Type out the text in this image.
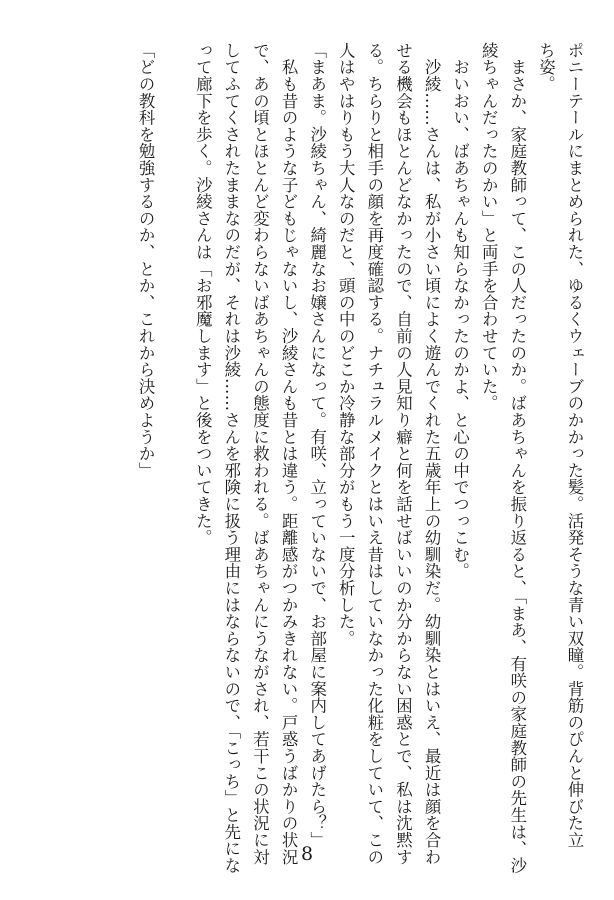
ポニーテールにまとめられた、ゆるくウェーブのかかった髪。活発そうな青い双瞳。背筋のぴんと伸びた立
ち姿。
　まさか、家庭教師って、この人だったのか。ばあちゃんを振り返ると、「まあ、有咲の家庭教師の先生は、沙
綾ちゃんだったのかい」と両手を合わせていた。
　おいおい、ばあちゃんも知らなかったのかよ、と心の中でつっこむ。
　沙綾……さんは、私が小さい頃によく遊んでくれた五歳年上の幼馴染だ。幼馴染とはいえ、最近は顔を合わ
せる機会もほとんどなかったので、自前の人見知り癖と何を話せばいいのか分からない困惑とで、私は沈黙す
る。ちらりと相手の顔を再度確認する。ナチュラルメイクとはいえ昔はしていなかった化粧をしていて、この
人はやはりもう大人なのだと、頭の中のどこか冷静な部分がもう一度分析した。
「まあま。沙綾ちゃん、綺麗なお嬢さんになって。有咲、立っていないで、お部屋に案内してあげたら？」
　私も昔のような子どもじゃないし、沙綾さんも昔とは違う。距離感がつかみきれない。戸惑うばかりの状況
で、あの頃とほとんど変わらないばあちゃんの態度に救われる。ばあちゃんにうながされ、若干この状況に対
してふてくされたままなのだが、それは沙綾……さんを邪険に扱う理由にはならないので、「こっち」と先にな
って廊下を歩く。沙綾さんは「お邪魔します」と後をついてきた。

「どの教科を勉強するのか、とか、これから決めようか」
8
